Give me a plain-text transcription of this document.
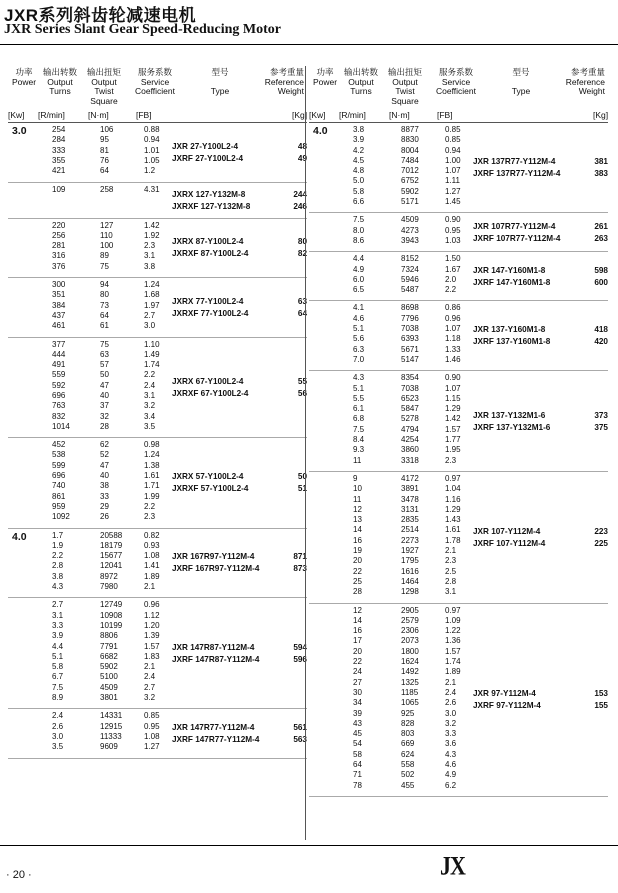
JXR系列斜齿轮减速电机
JXR Series Slant Gear Speed-Reducing Motor
功率
Power
输出转数
Output
Turns
输出扭矩
Output
Twist
Square
服务系数
Service
Coefficient
型号
Type
参考重量
Reference
Weight
[Kw] [R/min]	[N·m]	[FB]	[Kg]
3.0	254	106	0.88
284	95	0.94
333	81	1.01
355	76	1.05
421	64	1.2
JXR 27-Y100L2-4	48
JXRF 27-Y100L2-4	49
109	258	4.31
JXRX 127-Y132M-8	244
JXRXF 127-Y132M-8	246
220	127	1.42
256	110	1.92
281	100	2.3
316	89	3.1
376	75	3.8
JXRX 87-Y100L2-4	80
JXRXF 87-Y100L2-4	82
300	94	1.24
351	80	1.68
384	73	1.97
437	64	2.7
461	61	3.0
JXRX 77-Y100L2-4	63
JXRXF 77-Y100L2-4	64
377	75	1.10
444	63	1.49
491	57	1.74
559	50	2.2
592	47	2.4
696	40	3.1
763	37	3.2
832	32	3.4
1014	28	3.5
JXRX 67-Y100L2-4	55
JXRXF 67-Y100L2-4	56
452	62	0.98
538	52	1.24
599	47	1.38
696	40	1.61
740	38	1.71
861	33	1.99
959	29	2.2
1092	26	2.3
JXRX 57-Y100L2-4	50
JXRXF 57-Y100L2-4	51
4.0	1.7	20588	0.82
1.9	18179	0.93
2.2	15677	1.08
2.8	12041	1.41
3.8	8972	1.89
4.3	7980	2.1
JXR 167R97-Y112M-4	871
JXRF 167R97-Y112M-4	873
2.7	12749	0.96
3.1	10908	1.12
3.3	10199	1.20
3.9	8806	1.39
4.4	7791	1.57
5.1	6682	1.83
5.8	5902	2.1
6.7	5100	2.4
7.5	4509	2.7
8.9	3801	3.2
JXR 147R87-Y112M-4	594
JXRF 147R87-Y112M-4	596
2.4	14331	0.85
2.6	12915	0.95
3.0	11333	1.08
3.5	9609	1.27
JXR 147R77-Y112M-4	561
JXRF 147R77-Y112M-4	563
功率
Power
输出转数
Output
Turns
输出扭矩
Output
Twist
Square
服务系数
Service
Coefficient
型号
Type
参考重量
Reference
Weight
[Kw] [R/min]	[N·m]	[FB]	[Kg]
4.0	3.8	8877	0.85
3.9	8830	0.85
4.2	8004	0.94
4.5	7484	1.00
4.8	7012	1.07
5.0	6752	1.11
5.8	5902	1.27
6.6	5171	1.45
JXR 137R77-Y112M-4	381
JXRF 137R77-Y112M-4	383
7.5	4509	0.90
8.0	4273	0.95
8.6	3943	1.03
JXR 107R77-Y112M-4	261
JXRF 107R77-Y112M-4	263
4.4	8152	1.50
4.9	7324	1.67
6.0	5946	2.0
6.5	5487	2.2
JXR 147-Y160M1-8	598
JXRF 147-Y160M1-8	600
4.1	8698	0.86
4.6	7796	0.96
5.1	7038	1.07
5.6	6393	1.18
6.3	5671	1.33
7.0	5147	1.46
JXR 137-Y160M1-8	418
JXRF 137-Y160M1-8	420
4.3	8354	0.90
5.1	7038	1.07
5.5	6523	1.15
6.1	5847	1.29
6.8	5278	1.42
7.5	4794	1.57
8.4	4254	1.77
9.3	3860	1.95
11	3318	2.3
JXR 137-Y132M1-6	373
JXRF 137-Y132M1-6	375
9	4172	0.97
10	3891	1.04
11	3478	1.16
12	3131	1.29
13	2835	1.43
14	2514	1.61
16	2273	1.78
19	1927	2.1
20	1795	2.3
22	1616	2.5
25	1464	2.8
28	1298	3.1
JXR 107-Y112M-4	223
JXRF 107-Y112M-4	225
12	2905	0.97
14	2579	1.09
16	2306	1.22
17	2073	1.36
20	1800	1.57
22	1624	1.74
24	1492	1.89
27	1325	2.1
30	1185	2.4
34	1065	2.6
39	925	3.0
43	828	3.2
45	803	3.3
54	669	3.6
58	624	4.3
64	558	4.6
71	502	4.9
78	455	6.2
JXR 97-Y112M-4	153
JXRF 97-Y112M-4	155
· 20 ·	JX
